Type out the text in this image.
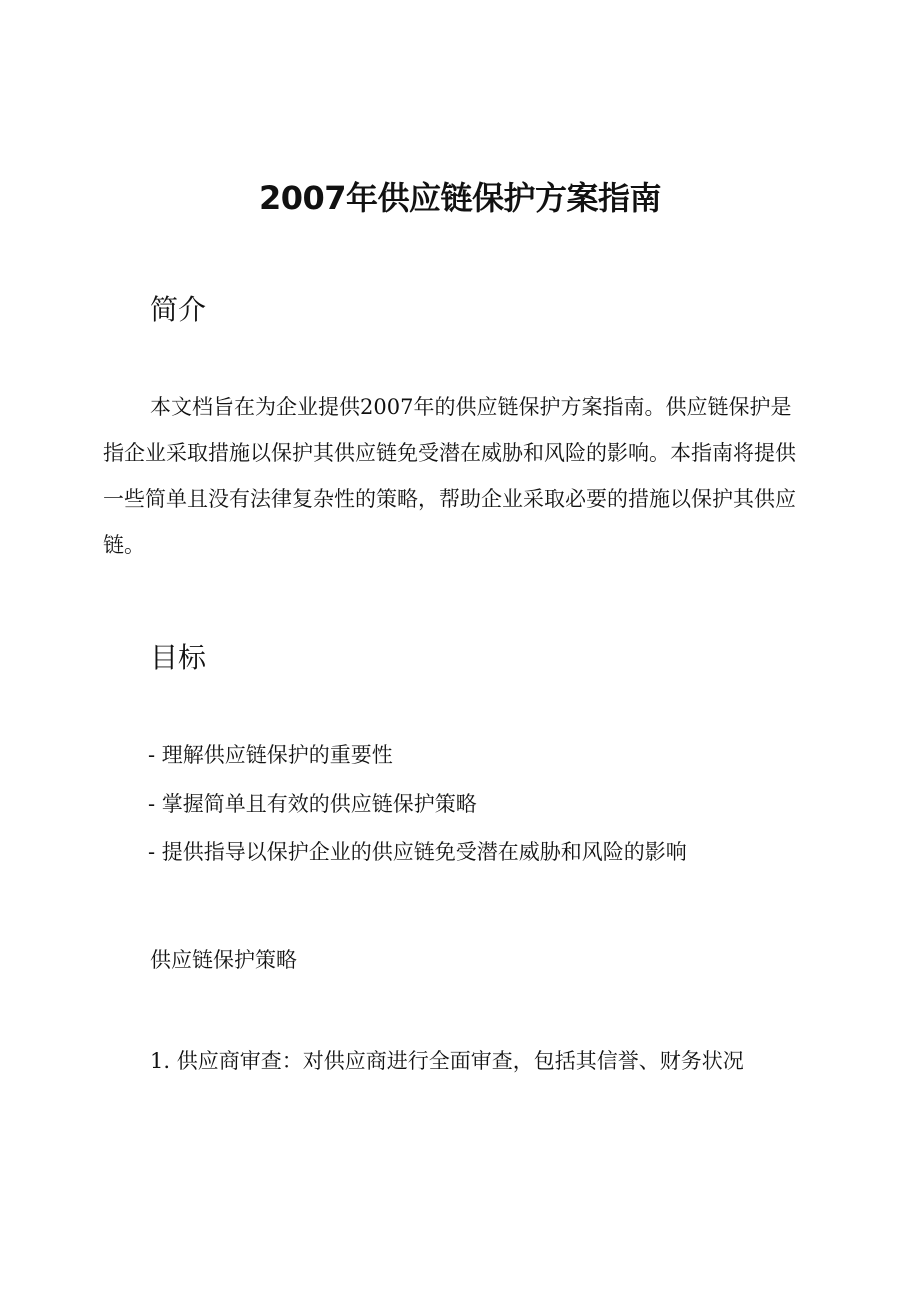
2007年供应链保护方案指南
简介

本文档旨在为企业提供2007年的供应链保护方案指南。供应链保护是指企业采取措施以保护其供应链免受潜在威胁和风险的影响。本指南将提供一些简单且没有法律复杂性的策略，帮助企业采取必要的措施以保护其供应链。

目标
- 理解供应链保护的重要性
- 掌握简单且有效的供应链保护策略
- 提供指导以保护企业的供应链免受潜在威胁和风险的影响

供应链保护策略

1. 供应商审查：对供应商进行全面审查，包括其信誉、财务状况
